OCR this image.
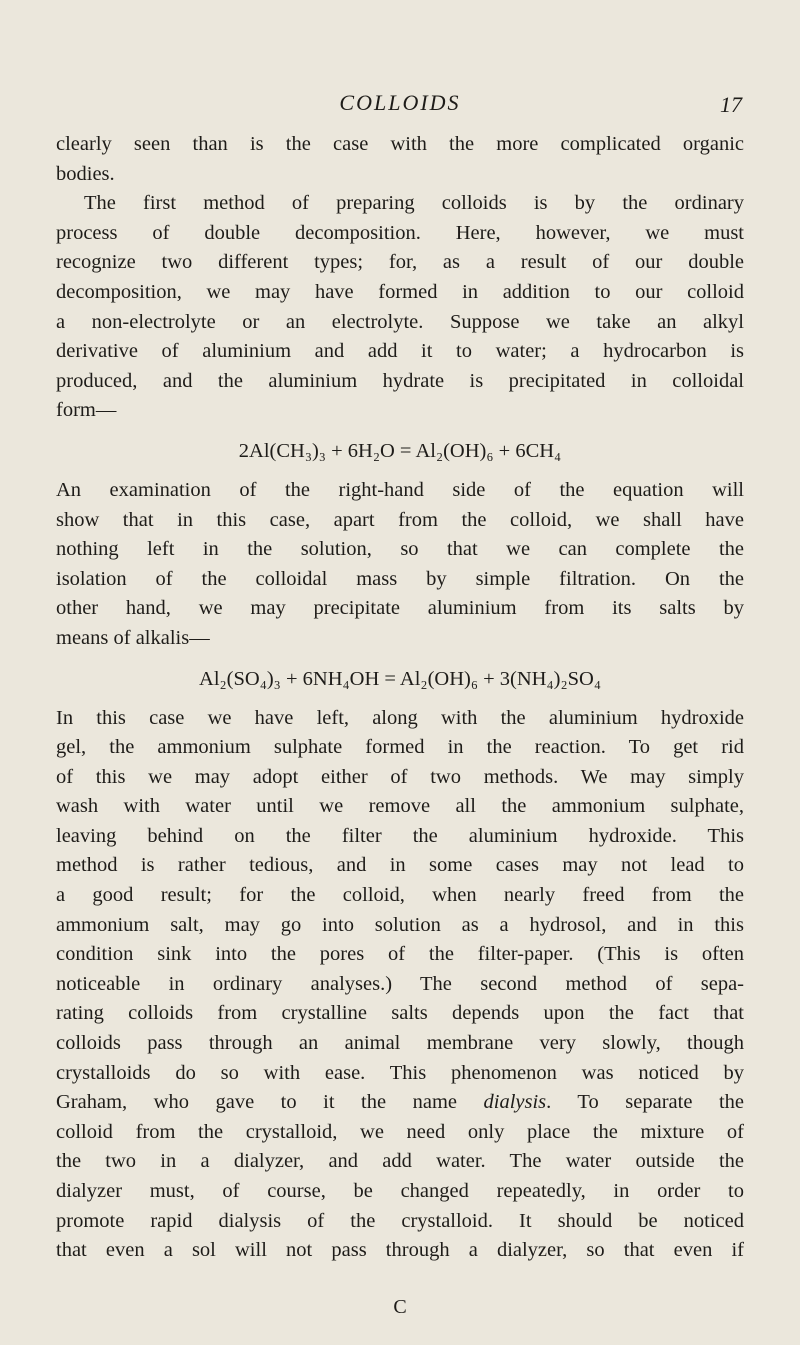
COLLOIDS	17
clearly seen than is the case with the more complicated organic
bodies.
The first method of preparing colloids is by the ordinary
process of double decomposition. Here, however, we must
recognize two different types; for, as a result of our double
decomposition, we may have formed in addition to our colloid
a non-electrolyte or an electrolyte. Suppose we take an alkyl
derivative of aluminium and add it to water; a hydrocarbon is
produced, and the aluminium hydrate is precipitated in colloidal
form—
2Al(CH₃)₃ + 6H₂O = Al₂(OH)₆ + 6CH₄
An examination of the right-hand side of the equation will
show that in this case, apart from the colloid, we shall have
nothing left in the solution, so that we can complete the
isolation of the colloidal mass by simple filtration. On the
other hand, we may precipitate aluminium from its salts by
means of alkalis—
Al₂(SO₄)₃ + 6NH₄OH = Al₂(OH)₆ + 3(NH₄)₂SO₄
In this case we have left, along with the aluminium hydroxide
gel, the ammonium sulphate formed in the reaction. To get rid
of this we may adopt either of two methods. We may simply
wash with water until we remove all the ammonium sulphate,
leaving behind on the filter the aluminium hydroxide. This
method is rather tedious, and in some cases may not lead to
a good result; for the colloid, when nearly freed from the
ammonium salt, may go into solution as a hydrosol, and in this
condition sink into the pores of the filter-paper. (This is often
noticeable in ordinary analyses.) The second method of sepa-
rating colloids from crystalline salts depends upon the fact that
colloids pass through an animal membrane very slowly, though
crystalloids do so with ease. This phenomenon was noticed by
Graham, who gave to it the name dialysis. To separate the
colloid from the crystalloid, we need only place the mixture of
the two in a dialyzer, and add water. The water outside the
dialyzer must, of course, be changed repeatedly, in order to
promote rapid dialysis of the crystalloid. It should be noticed
that even a sol will not pass through a dialyzer, so that even if
C
